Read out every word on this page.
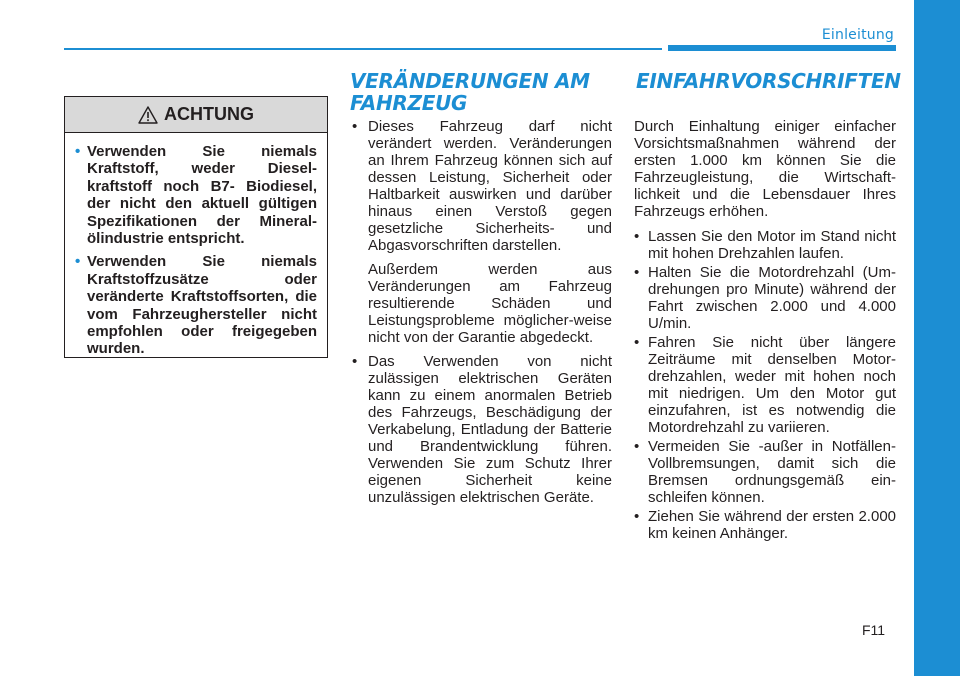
Einleitung
ACHTUNG
• Verwenden Sie niemals Kraftstoff, weder Diesel-kraftstoff noch B7- Biodiesel, der nicht den aktuell gültigen Spezifikationen der Mineral-ölindustrie entspricht.
• Verwenden Sie niemals Kraftstoffzusätze oder veränderte Kraftstoffsorten, die vom Fahrzeughersteller nicht empfohlen oder freigegeben wurden.
VERÄNDERUNGEN AM
FAHRZEUG
• Dieses Fahrzeug darf nicht verändert werden. Veränderungen an Ihrem Fahrzeug können sich auf dessen Leistung, Sicherheit oder Haltbarkeit auswirken und darüber hinaus einen Verstoß gegen gesetzliche Sicherheits- und Abgasvorschriften darstellen.
Außerdem werden aus Veränderungen am Fahrzeug resultierende Schäden und Leistungsprobleme möglicher-weise nicht von der Garantie abgedeckt.
• Das Verwenden von nicht zulässigen elektrischen Geräten kann zu einem anormalen Betrieb des Fahrzeugs, Beschädigung der Verkabelung, Entladung der Batterie und Brandentwicklung führen. Verwenden Sie zum Schutz Ihrer eigenen Sicherheit keine unzulässigen elektrischen Geräte.
EINFAHRVORSCHRIFTEN

Durch Einhaltung einiger einfacher Vorsichtsmaßnahmen während der ersten 1.000 km können Sie die Fahrzeugleistung, die Wirtschaft-lichkeit und die Lebensdauer Ihres Fahrzeugs erhöhen.

• Lassen Sie den Motor im Stand nicht mit hohen Drehzahlen laufen.
• Halten Sie die Motordrehzahl (Um-drehungen pro Minute) während der Fahrt zwischen 2.000 und 4.000 U/min.
• Fahren Sie nicht über längere Zeiträume mit denselben Motor-drehzahlen, weder mit hohen noch mit niedrigen. Um den Motor gut einzufahren, ist es notwendig die Motordrehzahl zu variieren.
• Vermeiden Sie -außer in Notfällen- Vollbremsungen, damit sich die Bremsen ordnungsgemäß ein-schleifen können.
• Ziehen Sie während der ersten 2.000 km keinen Anhänger.
F11
